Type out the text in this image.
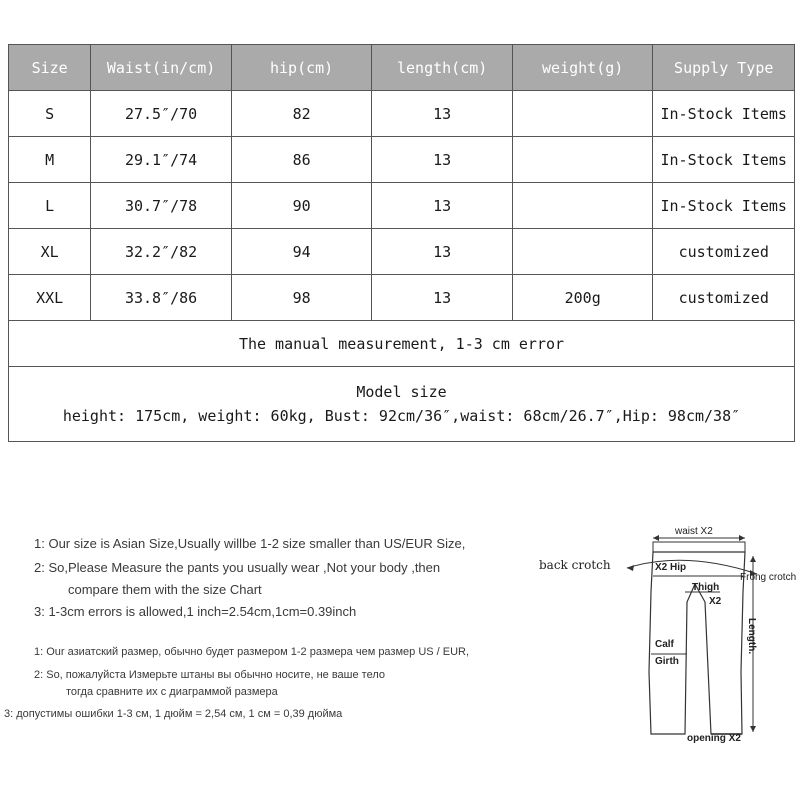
Size	Waist(in/cm)	hip(cm)	length(cm)	weight(g)	Supply Type
S	27.5″/70	82	13		In-Stock Items
M	29.1″/74	86	13		In-Stock Items
L	30.7″/78	90	13		In-Stock Items
XL	32.2″/82	94	13		customized
XXL	33.8″/86	98	13	200g	customized
The manual measurement, 1-3 cm error					

Model size
height: 175cm, weight: 60kg, Bust: 92cm/36″,waist: 68cm/26.7″,Hip: 98cm/38″					
1: Our size is Asian Size,Usually willbe 1-2 size smaller than US/EUR Size,
2: So,Please Measure the pants you usually wear ,Not your body ,then
compare them with the size Chart
3: 1-3cm errors is allowed,1 inch=2.54cm,1cm=0.39inch
1: Our азиатский размер, обычно будет размером 1-2 размера чем размер US / EUR,
2: So, пожалуйста Измерьте штаны вы обычно носите, не ваше тело
тогда сравните их с диаграммой размера
3: допустимы ошибки 1-3 см, 1 дюйм = 2,54 см, 1 см = 0,39 дюйма
waist X2
back crotch	X2 Hip
Thigh
X2
Frong crotch
Length.
Calf
Girth
opening X2
